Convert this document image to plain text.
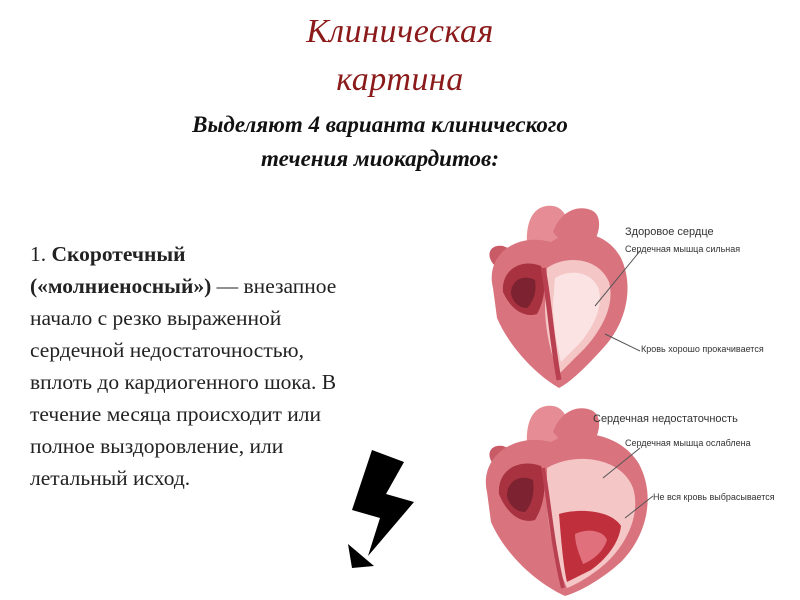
Клиническая
картина
Выделяют 4 варианта клинического
течения миокардитов:
1. Скоротечный
(«молниеносный») — внезапное
начало с резко выраженной
сердечной недостаточностью,
вплоть до кардиогенного шока. В
течение месяца происходит или
полное выздоровление, или
летальный исход.
Здоровое сердце
Сердечная мышца сильная
Кровь хорошо прокачивается
Сердечная недостаточность
Сердечная мышца ослаблена
Не вся кровь выбрасывается
